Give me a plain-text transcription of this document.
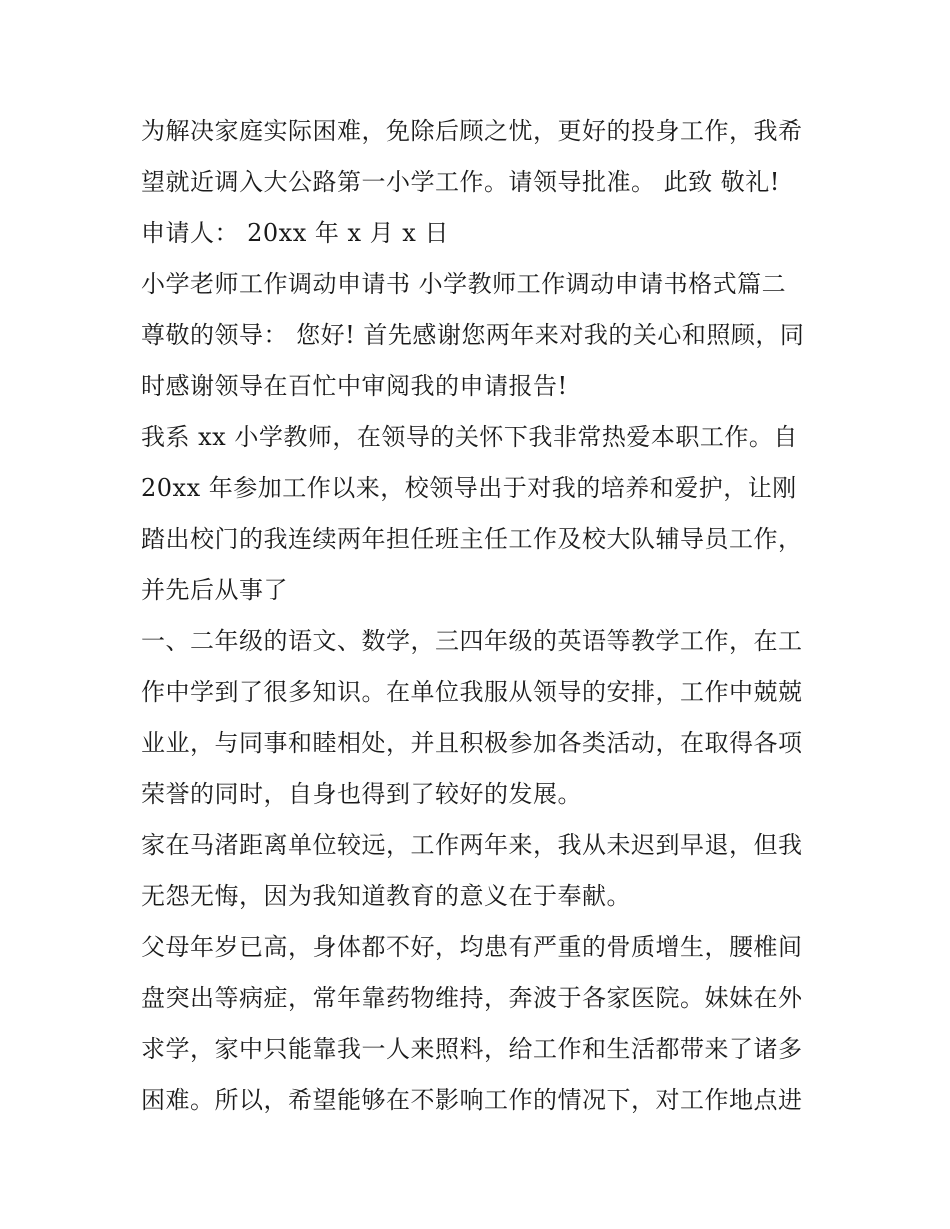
为解决家庭实际困难，免除后顾之忧，更好的投身工作，我希
望就近调入大公路第一小学工作。请领导批准。 此致 敬礼!
申请人： 20xx 年 x 月 x 日
小学老师工作调动申请书 小学教师工作调动申请书格式篇二
尊敬的领导： 您好! 首先感谢您两年来对我的关心和照顾，同
时感谢领导在百忙中审阅我的申请报告!
我系 xx 小学教师，在领导的关怀下我非常热爱本职工作。自
20xx 年参加工作以来，校领导出于对我的培养和爱护，让刚
踏出校门的我连续两年担任班主任工作及校大队辅导员工作，
并先后从事了
一、二年级的语文、数学，三四年级的英语等教学工作，在工
作中学到了很多知识。在单位我服从领导的安排，工作中兢兢
业业，与同事和睦相处，并且积极参加各类活动，在取得各项
荣誉的同时，自身也得到了较好的发展。
家在马渚距离单位较远，工作两年来，我从未迟到早退，但我
无怨无悔，因为我知道教育的意义在于奉献。
父母年岁已高，身体都不好，均患有严重的骨质增生，腰椎间
盘突出等病症，常年靠药物维持，奔波于各家医院。妹妹在外
求学，家中只能靠我一人来照料，给工作和生活都带来了诸多
困难。所以，希望能够在不影响工作的情况下，对工作地点进
